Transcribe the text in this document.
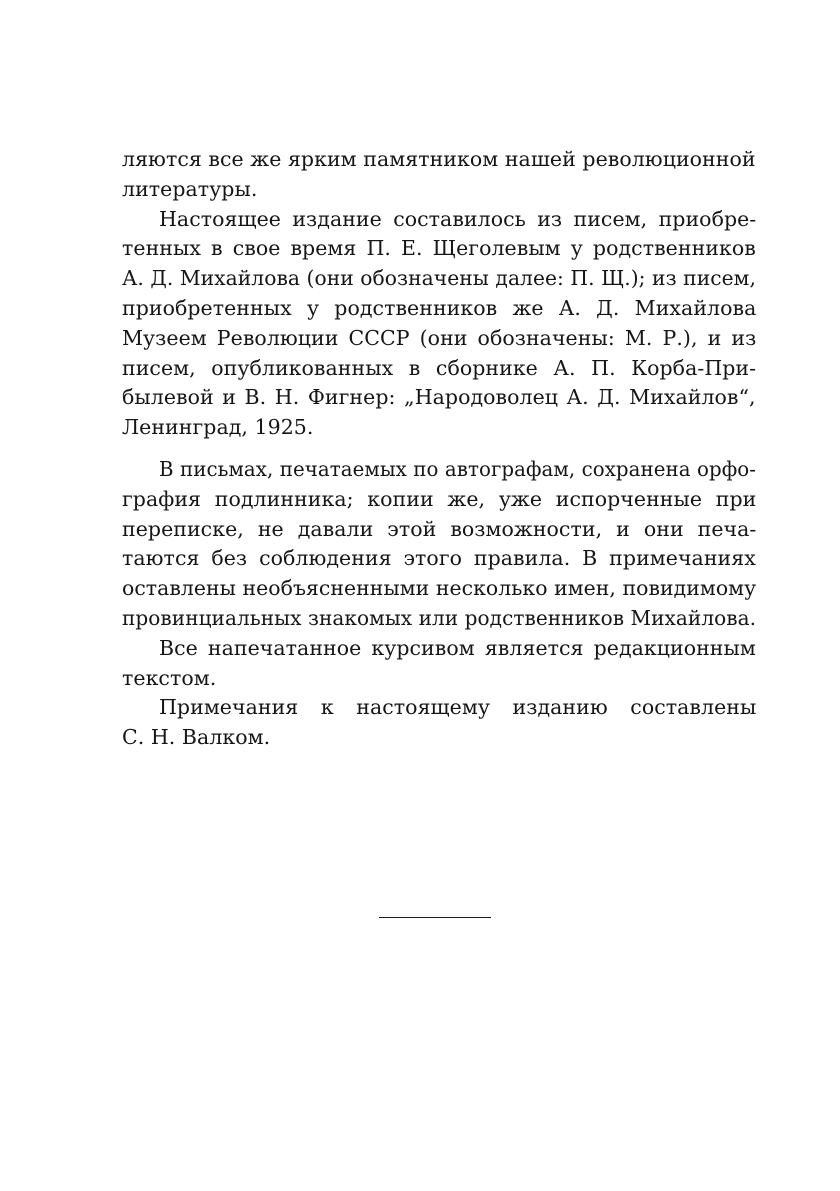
ляются все же ярким памятником нашей революционной
литературы.
Настоящее издание составилось из писем, приобре-
тенных в свое время П. Е. Щеголевым у родственников
А. Д. Михайлова (они обозначены далее: П. Щ.); из писем,
приобретенных у родственников же А. Д. Михайлова
Музеем Революции СССР (они обозначены: М. Р.), и из
писем, опубликованных в сборнике А. П. Корба-При-
былевой и В. Н. Фигнер: „Народоволец А. Д. Михайлов“,
Ленинград, 1925.
В письмах, печатаемых по автографам, сохранена орфо-
графия подлинника; копии же, уже испорченные при
переписке, не давали этой возможности, и они печа-
таются без соблюдения этого правила. В примечаниях
оставлены необъясненными несколько имен, повидимому
провинциальных знакомых или родственников Михайлова.
Все напечатанное курсивом является редакционным
текстом.
Примечания к настоящему изданию составлены
С. Н. Валком.
